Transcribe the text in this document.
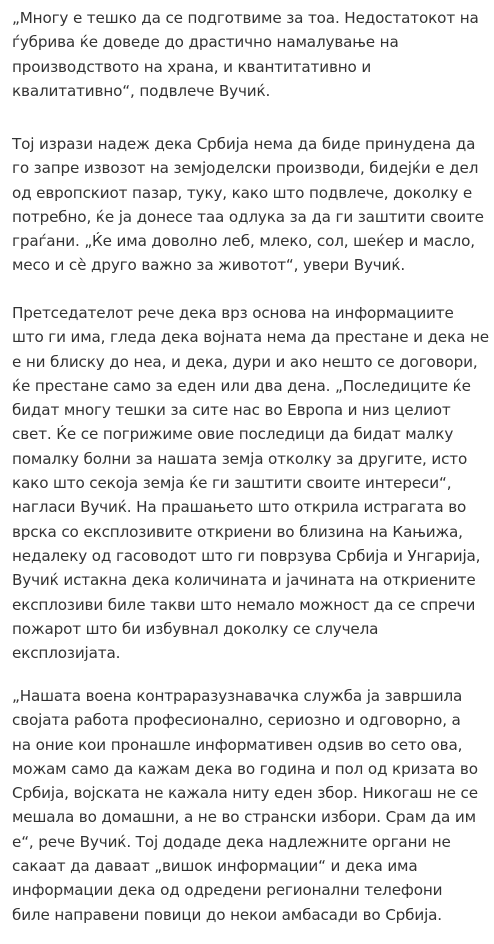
„Многу е тешко да се подготвиме за тоа. Недостатокот на
ѓубрива ќе доведе до драстично намалување на
производството на храна, и квантитативно и
квалитативно“, подвлече Вучиќ.

Тој изрази надеж дека Србија нема да биде принудена да
го запре извозот на земјоделски производи, бидејќи е дел
од европскиот пазар, туку, како што подвлече, доколку е
потребно, ќе ја донесе таа одлука за да ги заштити своите
граѓани. „Ќе има доволно леб, млеко, сол, шеќер и масло,
месо и сè друго важно за животот“, увери Вучиќ.

Претседателот рече дека врз основа на информациите
што ги има, гледа дека војната нема да престане и дека не
е ни блиску до неа, и дека, дури и ако нешто се договори,
ќе престане само за еден или два дена. „Последиците ќе
бидат многу тешки за сите нас во Европа и низ целиот
свет. Ќе се погрижиме овие последици да бидат малку
помалку болни за нашата земја отколку за другите, исто
како што секоја земја ќе ги заштити своите интереси“,
нагласи Вучиќ. На прашањето што открила истрагата во
врска со експлозивите откриени во близина на Кањижа,
недалеку од гасоводот што ги поврзува Србија и Унгарија,
Вучиќ истакна дека количината и јачината на откриените
експлозиви биле такви што немало можност да се спречи
пожарот што би избувнал доколку се случела
експлозијата.

„Нашата воена контраразузнавачка служба ја завршила
својата работа професионално, сериозно и одговорно, а
на оние кои пронашле информативен одѕив во сето ова,
можам само да кажам дека во година и пол од кризата во
Србија, војската не кажала ниту еден збор. Никогаш не се
мешала во домашни, а не во странски избори. Срам да им
е“, рече Вучиќ. Тој додаде дека надлежните органи не
сакаат да даваат „вишок информации“ и дека има
информации дека од одредени регионални телефони
биле направени повици до некои амбасади во Србија.
